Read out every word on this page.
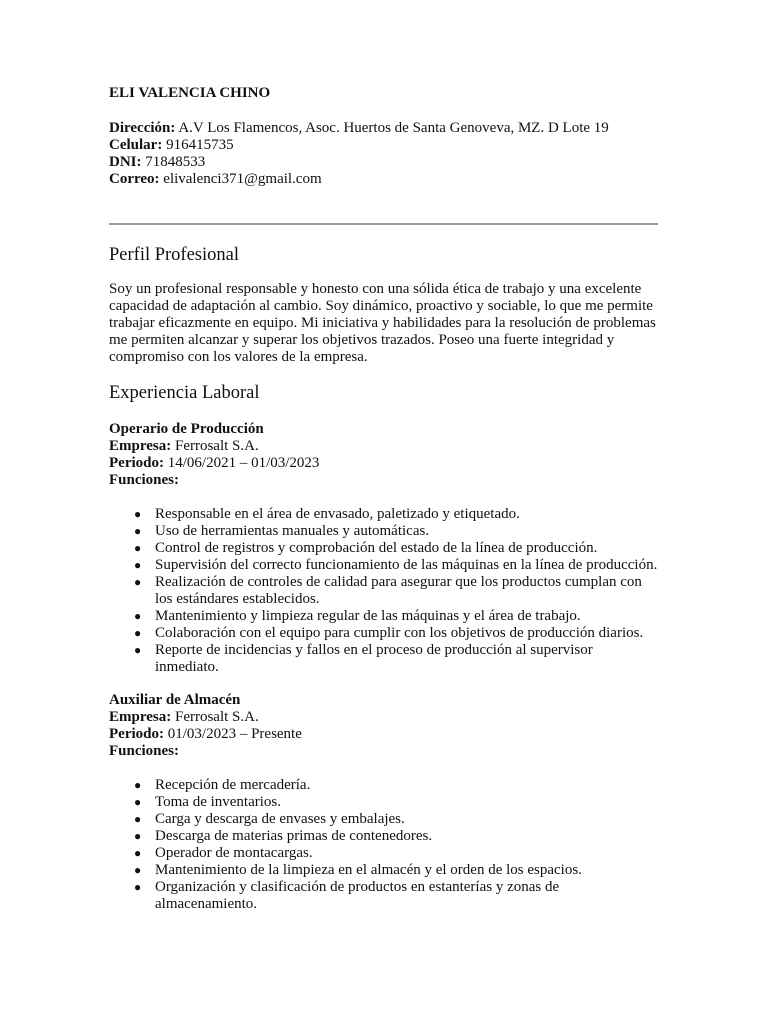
ELI VALENCIA CHINO

Dirección: A.V Los Flamencos, Asoc. Huertos de Santa Genoveva, MZ. D Lote 19

Celular: 916415735

DNI: 71848533

Correo: elivalenci371@gmail.com

Perfil Profesional

Soy un profesional responsable y honesto con una sólida ética de trabajo y una excelente capacidad de adaptación al cambio. Soy dinámico, proactivo y sociable, lo que me permite trabajar eficazmente en equipo. Mi iniciativa y habilidades para la resolución de problemas me permiten alcanzar y superar los objetivos trazados. Poseo una fuerte integridad y compromiso con los valores de la empresa.

Experiencia Laboral

Operario de Producción

Empresa: Ferrosalt S.A.

Periodo: 14/06/2021 – 01/03/2023

Funciones:

● Responsable en el área de envasado, paletizado y etiquetado.
● Uso de herramientas manuales y automáticas.
● Control de registros y comprobación del estado de la línea de producción.
● Supervisión del correcto funcionamiento de las máquinas en la línea de producción.
● Realización de controles de calidad para asegurar que los productos cumplan con los estándares establecidos.
● Mantenimiento y limpieza regular de las máquinas y el área de trabajo.
● Colaboración con el equipo para cumplir con los objetivos de producción diarios.
● Reporte de incidencias y fallos en el proceso de producción al supervisor inmediato.

Auxiliar de Almacén

Empresa: Ferrosalt S.A.

Periodo: 01/03/2023 – Presente

Funciones:

● Recepción de mercadería.
● Toma de inventarios.
● Carga y descarga de envases y embalajes.
● Descarga de materias primas de contenedores.
● Operador de montacargas.
● Mantenimiento de la limpieza en el almacén y el orden de los espacios.
● Organización y clasificación de productos en estanterías y zonas de almacenamiento.
